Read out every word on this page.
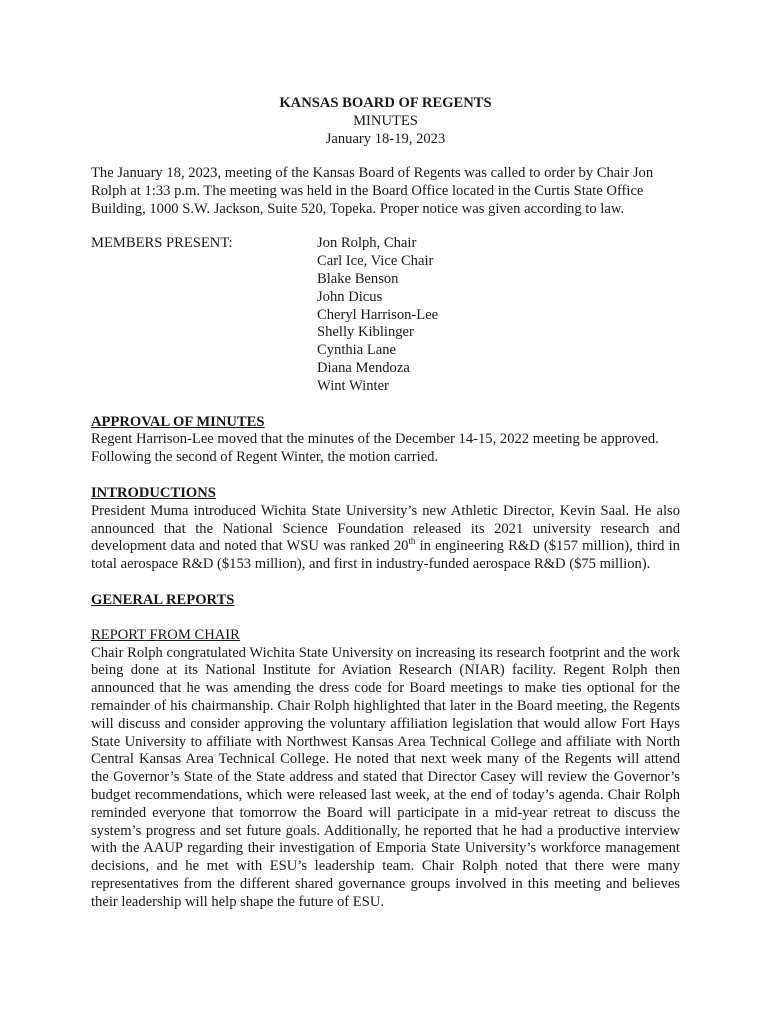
KANSAS BOARD OF REGENTS
MINUTES
January 18-19, 2023

The January 18, 2023, meeting of the Kansas Board of Regents was called to order by Chair Jon Rolph at 1:33 p.m. The meeting was held in the Board Office located in the Curtis State Office Building, 1000 S.W. Jackson, Suite 520, Topeka. Proper notice was given according to law.

MEMBERS PRESENT:	Jon Rolph, Chair
Carl Ice, Vice Chair
Blake Benson
John Dicus
Cheryl Harrison-Lee
Shelly Kiblinger
Cynthia Lane
Diana Mendoza
Wint Winter
APPROVAL OF MINUTES

Regent Harrison-Lee moved that the minutes of the December 14-15, 2022 meeting be approved. Following the second of Regent Winter, the motion carried.

INTRODUCTIONS

President Muma introduced Wichita State University’s new Athletic Director, Kevin Saal. He also announced that the National Science Foundation released its 2021 university research and development data and noted that WSU was ranked 20th in engineering R&D ($157 million), third in total aerospace R&D ($153 million), and first in industry-funded aerospace R&D ($75 million).

GENERAL REPORTS
REPORT FROM CHAIR

Chair Rolph congratulated Wichita State University on increasing its research footprint and the work being done at its National Institute for Aviation Research (NIAR) facility. Regent Rolph then announced that he was amending the dress code for Board meetings to make ties optional for the remainder of his chairmanship. Chair Rolph highlighted that later in the Board meeting, the Regents will discuss and consider approving the voluntary affiliation legislation that would allow Fort Hays State University to affiliate with Northwest Kansas Area Technical College and affiliate with North Central Kansas Area Technical College. He noted that next week many of the Regents will attend the Governor’s State of the State address and stated that Director Casey will review the Governor’s budget recommendations, which were released last week, at the end of today’s agenda. Chair Rolph reminded everyone that tomorrow the Board will participate in a mid-year retreat to discuss the system’s progress and set future goals. Additionally, he reported that he had a productive interview with the AAUP regarding their investigation of Emporia State University’s workforce management decisions, and he met with ESU’s leadership team. Chair Rolph noted that there were many representatives from the different shared governance groups involved in this meeting and believes their leadership will help shape the future of ESU.
